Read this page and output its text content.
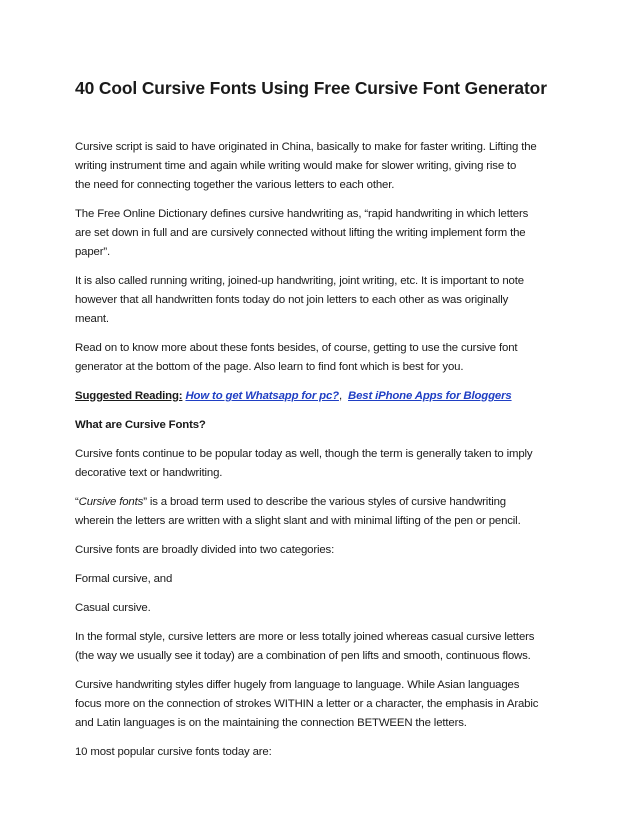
40 Cool Cursive Fonts Using Free Cursive Font Generator
Cursive script is said to have originated in China, basically to make for faster writing. Lifting the
writing instrument time and again while writing would make for slower writing, giving rise to
the need for connecting together the various letters to each other.
The Free Online Dictionary defines cursive handwriting as, “rapid handwriting in which letters
are set down in full and are cursively connected without lifting the writing implement form the
paper”.
It is also called running writing, joined-up handwriting, joint writing, etc. It is important to note
however that all handwritten fonts today do not join letters to each other as was originally
meant.
Read on to know more about these fonts besides, of course, getting to use the cursive font
generator at the bottom of the page. Also learn to find font which is best for you.
Suggested Reading: How to get Whatsapp for pc?, Best iPhone Apps for Bloggers
What are Cursive Fonts?
Cursive fonts continue to be popular today as well, though the term is generally taken to imply
decorative text or handwriting.
“Cursive fonts” is a broad term used to describe the various styles of cursive handwriting
wherein the letters are written with a slight slant and with minimal lifting of the pen or pencil.
Cursive fonts are broadly divided into two categories:
Formal cursive, and
Casual cursive.
In the formal style, cursive letters are more or less totally joined whereas casual cursive letters
(the way we usually see it today) are a combination of pen lifts and smooth, continuous flows.
Cursive handwriting styles differ hugely from language to language. While Asian languages
focus more on the connection of strokes WITHIN a letter or a character, the emphasis in Arabic
and Latin languages is on the maintaining the connection BETWEEN the letters.
10 most popular cursive fonts today are:
